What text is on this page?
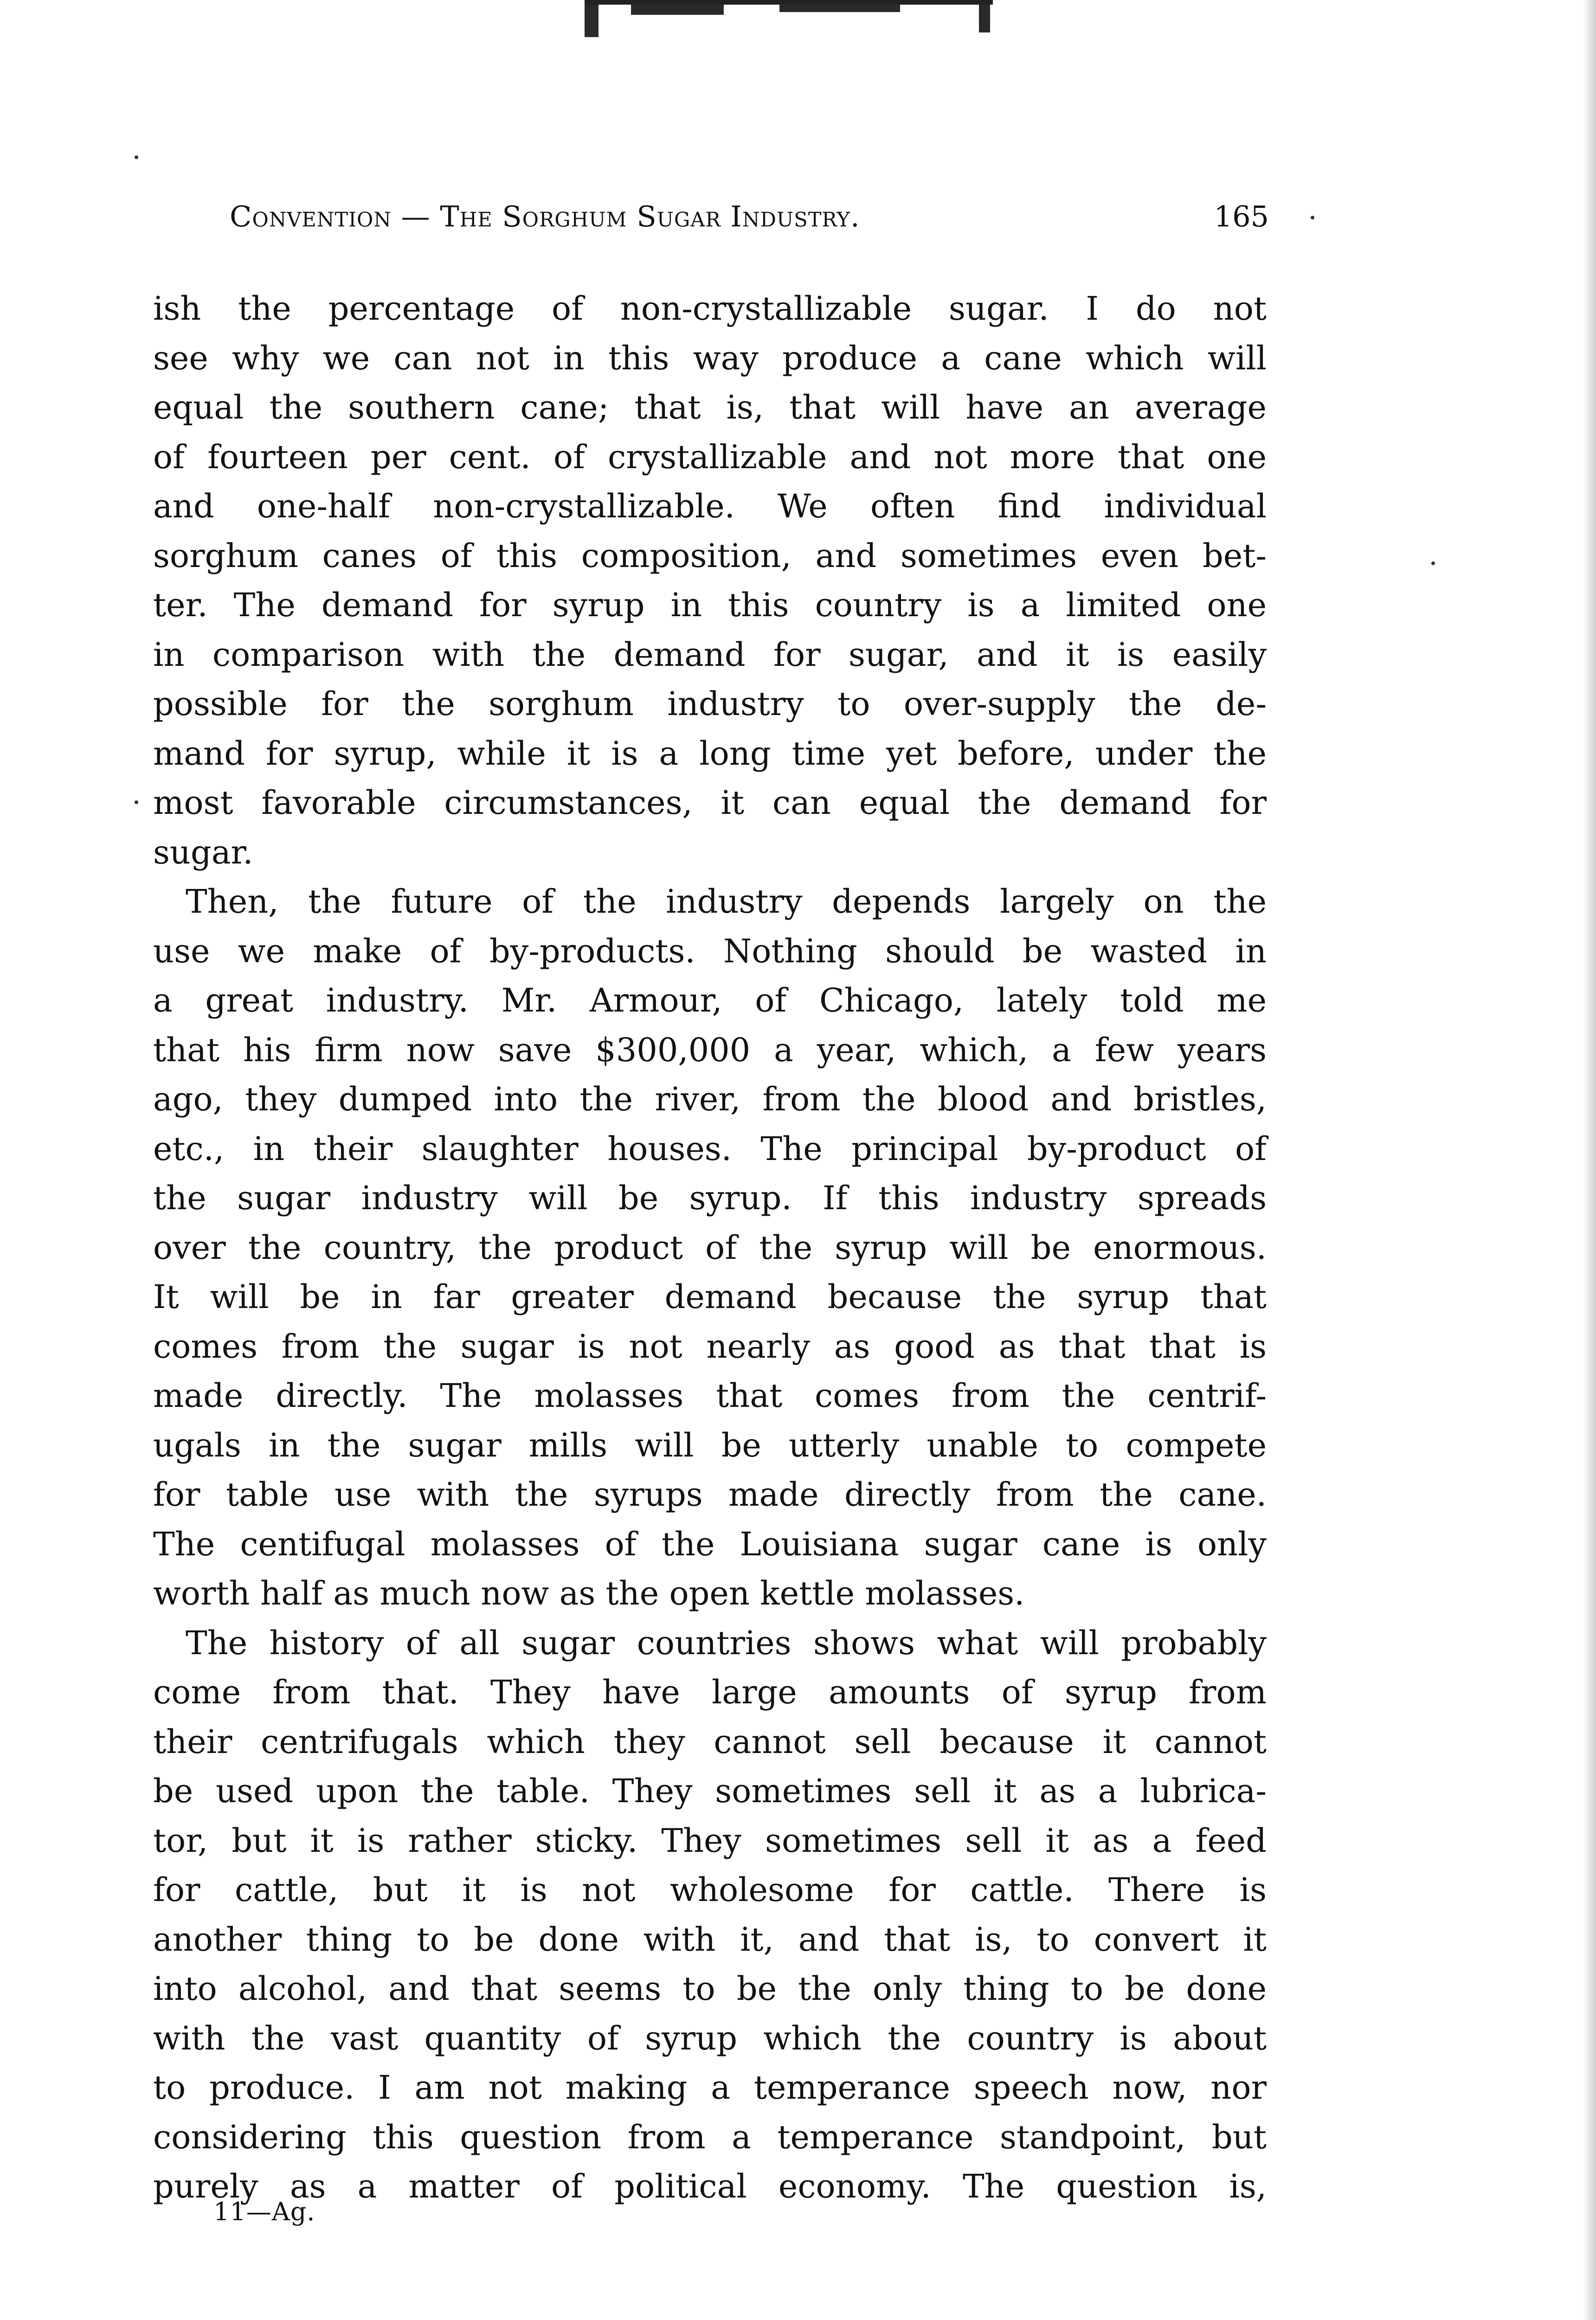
Convention — The Sorghum Sugar Industry.	165
ish the percentage of non-crystallizable sugar. I do not
see why we can not in this way produce a cane which will
equal the southern cane; that is, that will have an average
of fourteen per cent. of crystallizable and not more that one
and one-half non-crystallizable. We often find individual
sorghum canes of this composition, and sometimes even bet-
ter. The demand for syrup in this country is a limited one
in comparison with the demand for sugar, and it is easily
possible for the sorghum industry to over-supply the de-
mand for syrup, while it is a long time yet before, under the
most favorable circumstances, it can equal the demand for
sugar.
Then, the future of the industry depends largely on the
use we make of by-products. Nothing should be wasted in
a great industry. Mr. Armour, of Chicago, lately told me
that his firm now save $300,000 a year, which, a few years
ago, they dumped into the river, from the blood and bristles,
etc., in their slaughter houses. The principal by-product of
the sugar industry will be syrup. If this industry spreads
over the country, the product of the syrup will be enormous.
It will be in far greater demand because the syrup that
comes from the sugar is not nearly as good as that that is
made directly. The molasses that comes from the centrif-
ugals in the sugar mills will be utterly unable to compete
for table use with the syrups made directly from the cane.
The centifugal molasses of the Louisiana sugar cane is only
worth half as much now as the open kettle molasses.
The history of all sugar countries shows what will probably
come from that. They have large amounts of syrup from
their centrifugals which they cannot sell because it cannot
be used upon the table. They sometimes sell it as a lubrica-
tor, but it is rather sticky. They sometimes sell it as a feed
for cattle, but it is not wholesome for cattle. There is
another thing to be done with it, and that is, to convert it
into alcohol, and that seems to be the only thing to be done
with the vast quantity of syrup which the country is about
to produce. I am not making a temperance speech now, nor
considering this question from a temperance standpoint, but
purely as a matter of political economy. The question is,
11—Ag.
